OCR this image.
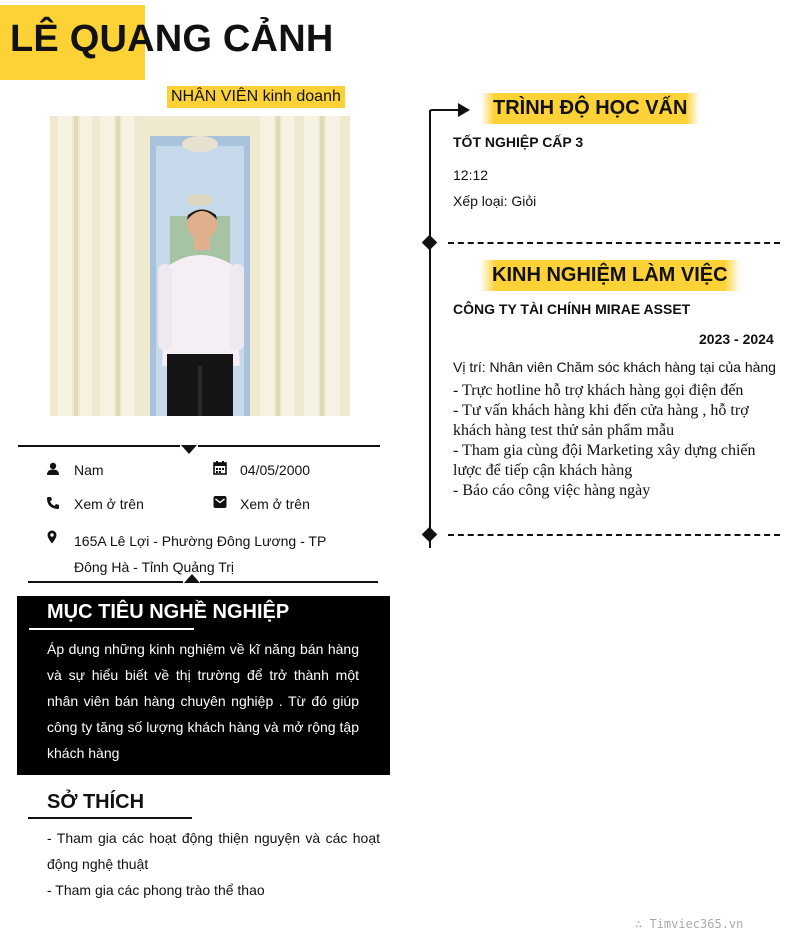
LÊ QUANG CẢNH
NHÂN VIÊN kinh doanh
Nam	04/05/2000
Xem ở trên	Xem ở trên
165A Lê Lợi - Phường Đông Lương - TP Đông Hà - Tỉnh Quảng Trị
MỤC TIÊU NGHỀ NGHIỆP
Áp dụng những kinh nghiệm về kĩ năng bán hàng và sự hiểu biết về thị trường để trở thành một nhân viên bán hàng chuyên nghiệp . Từ đó giúp công ty tăng số lượng khách hàng và mở rộng tập khách hàng
SỞ THÍCH
- Tham gia các hoạt động thiện nguyện và các hoạt động nghệ thuật
- Tham gia các phong trào thể thao
TRÌNH ĐỘ HỌC VẤN
TỐT NGHIỆP CẤP 3
12:12
Xếp loại: Giỏi
KINH NGHIỆM LÀM VIỆC
CÔNG TY TÀI CHÍNH MIRAE ASSET
2023 - 2024
Vị trí: Nhân viên Chăm sóc khách hàng tại của hàng
- Trực hotline hỗ trợ khách hàng gọi điện đến
- Tư vấn khách hàng khi đến cửa hàng , hỗ trợ khách hàng test thử sản phẩm mẫu
- Tham gia cùng đội Marketing xây dựng chiến lược để tiếp cận khách hàng
- Báo cáo công việc hàng ngày
∴ Timviec365.vn
